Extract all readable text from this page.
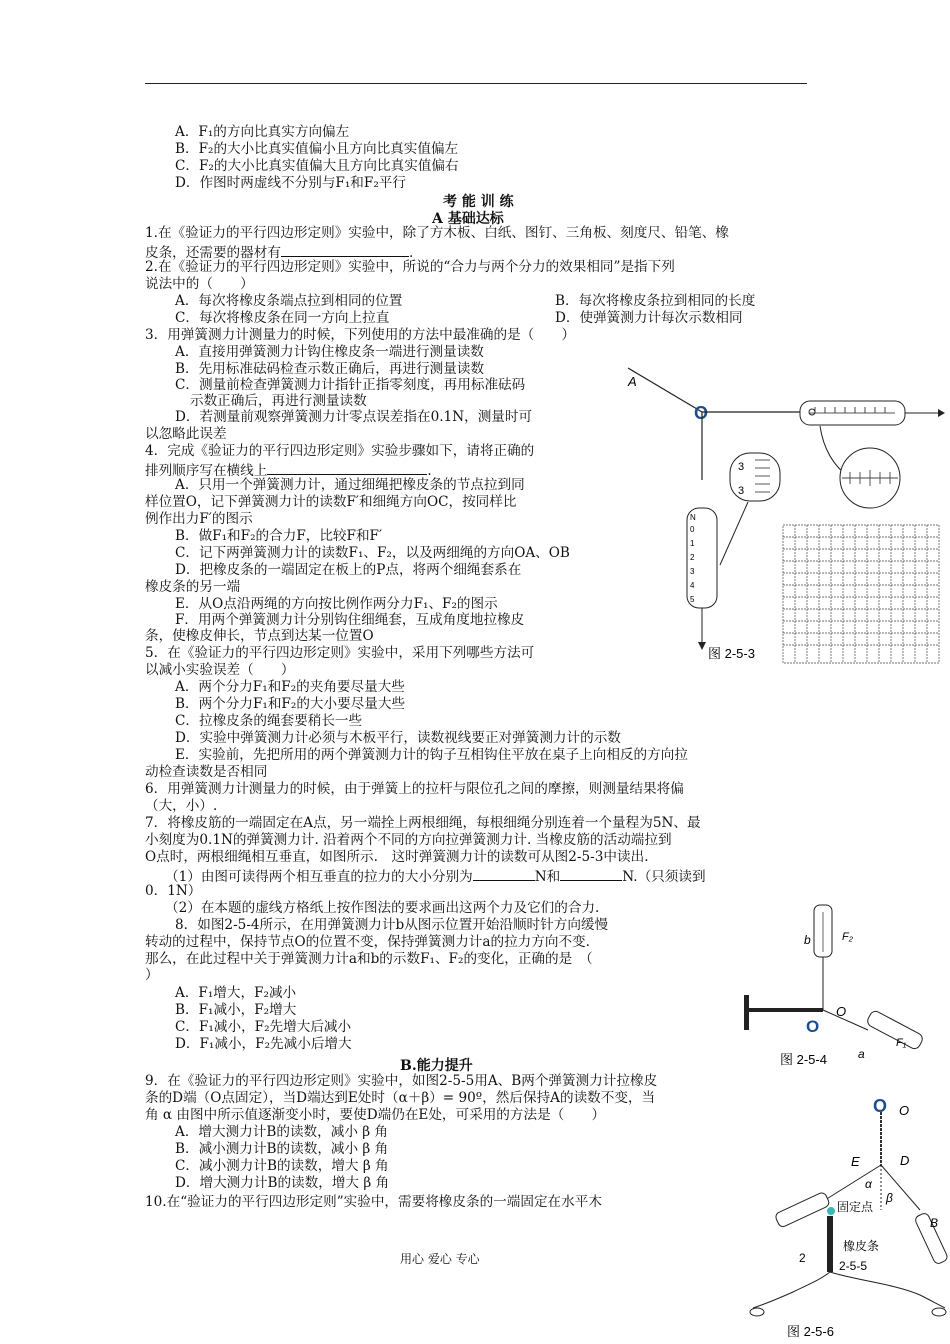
A．F₁的方向比真实方向偏左
B．F₂的大小比真实值偏小且方向比真实值偏左
C．F₂的大小比真实值偏大且方向比真实值偏右
D．作图时两虚线不分别与F₁和F₂平行
考 能 训 练
A 基础达标
1.在《验证力的平行四边形定则》实验中，除了方木板、白纸、图钉、三角板、刻度尺、铅笔、橡
皮条，还需要的器材有	.
2.在《验证力的平行四边形定则》实验中，所说的“合力与两个分力的效果相同”是指下列
说法中的（　　）
A．每次将橡皮条端点拉到相同的位置	B．每次将橡皮条拉到相同的长度
C．每次将橡皮条在同一方向上拉直	D．使弹簧测力计每次示数相同
3．用弹簧测力计测量力的时候，下列使用的方法中最准确的是（　　）
A．直接用弹簧测力计钩住橡皮条一端进行测量读数
B．先用标准砝码检查示数正确后，再进行测量读数
C．测量前检查弹簧测力计指针正指零刻度，再用标准砝码
示数正确后，再进行测量读数
D．若测量前观察弹簧测力计零点误差指在0.1N，测量时可
以忽略此误差
4．完成《验证力的平行四边形定则》实验步骤如下，请将正确的
排列顺序写在横线上	.
A．只用一个弹簧测力计，通过细绳把橡皮条的节点拉到同
样位置O，记下弹簧测力计的读数F′和细绳方向OC，按同样比
例作出力F′的图示
B．做F₁和F₂的合力F，比较F和F′
C．记下两弹簧测力计的读数F₁、F₂，以及两细绳的方向OA、OB
D．把橡皮条的一端固定在板上的P点，将两个细绳套系在
橡皮条的另一端
E．从O点沿两绳的方向按比例作两分力F₁、F₂的图示
F．用两个弹簧测力计分别钩住细绳套，互成角度地拉橡皮
条，使橡皮伸长，节点到达某一位置O
5．在《验证力的平行四边形定则》实验中，采用下列哪些方法可
以减小实验误差（　　）
A．两个分力F₁和F₂的夹角要尽量大些
B．两个分力F₁和F₂的大小要尽量大些
C．拉橡皮条的绳套要稍长一些
D．实验中弹簧测力计必须与木板平行，读数视线要正对弹簧测力计的示数
E．实验前，先把所用的两个弹簧测力计的钩子互相钩住平放在桌子上向相反的方向拉
动检查读数是否相同
6．用弹簧测力计测量力的时候，由于弹簧上的拉杆与限位孔之间的摩擦，则测量结果将偏
（大，小）.
7．将橡皮筋的一端固定在A点，另一端拴上两根细绳，每根细绳分别连着一个量程为5N、最
小刻度为0.1N的弹簧测力计. 沿着两个不同的方向拉弹簧测力计. 当橡皮筋的活动端拉到
O点时，两根细绳相互垂直，如图所示.　这时弹簧测力计的读数可从图2-5-3中读出.
（1）由图可读得两个相互垂直的拉力的大小分别为	N和	N.（只须读到
0．1N）
（2）在本题的虚线方格纸上按作图法的要求画出这两个力及它们的合力.
8．如图2-5-4所示，在用弹簧测力计b从图示位置开始沿顺时针方向缓慢
转动的过程中，保持节点O的位置不变，保持弹簧测力计a的拉力方向不变.
那么，在此过程中关于弹簧测力计a和b的示数F₁、F₂的变化，正确的是　（
）
A．F₁增大，F₂减小
B．F₁减小，F₂增大
C．F₁减小，F₂先增大后减小
D．F₁减小，F₂先减小后增大
B.能力提升
9．在《验证力的平行四边形定则》实验中，如图2-5-5用A、B两个弹簧测力计拉橡皮
条的D端（O点固定），当D端达到E处时（α＋β）= 90º，然后保持A的读数不变，当
角 α 由图中所示值逐渐变小时，要使D端仍在E处，可采用的方法是（　　）
A．增大测力计B的读数，减小 β 角
B．减小测力计B的读数，减小 β 角
C．减小测力计B的读数，增大 β 角
D．增大测力计B的读数，增大 β 角
10.在“验证力的平行四边形定则”实验中，需要将橡皮条的一端固定在水平木
用心 爱心 专心
A
O
3
3
N
0
1
2
3
4
5
图 2-5-3
b	F₂
O
O
F₁
a
图 2-5-4
O O
E	D
α
β
固定点
B
橡皮条
2
2-5-5
图 2-5-6
